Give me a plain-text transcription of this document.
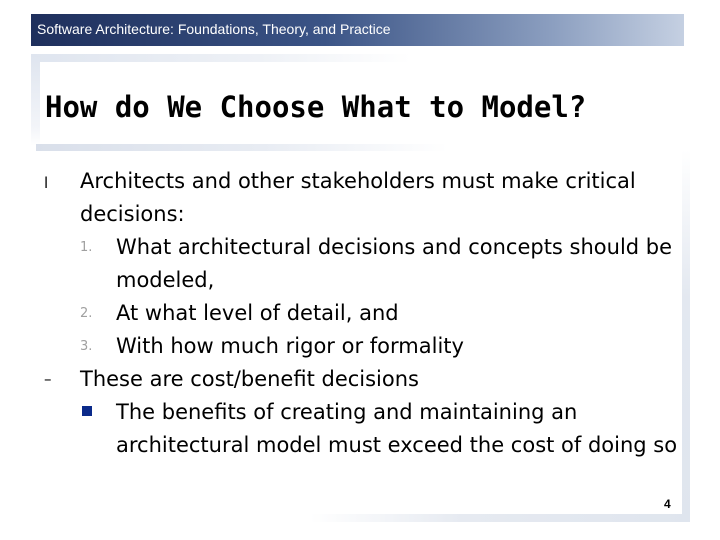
Software Architecture: Foundations, Theory, and Practice
How do We Choose What to Model?
l Architects and other stakeholders must make critical
decisions:
1. What architectural decisions and concepts should be
modeled,
2. At what level of detail, and
3. With how much rigor or formality
– These are cost/benefit decisions
The benefits of creating and maintaining an
architectural model must exceed the cost of doing so
4
